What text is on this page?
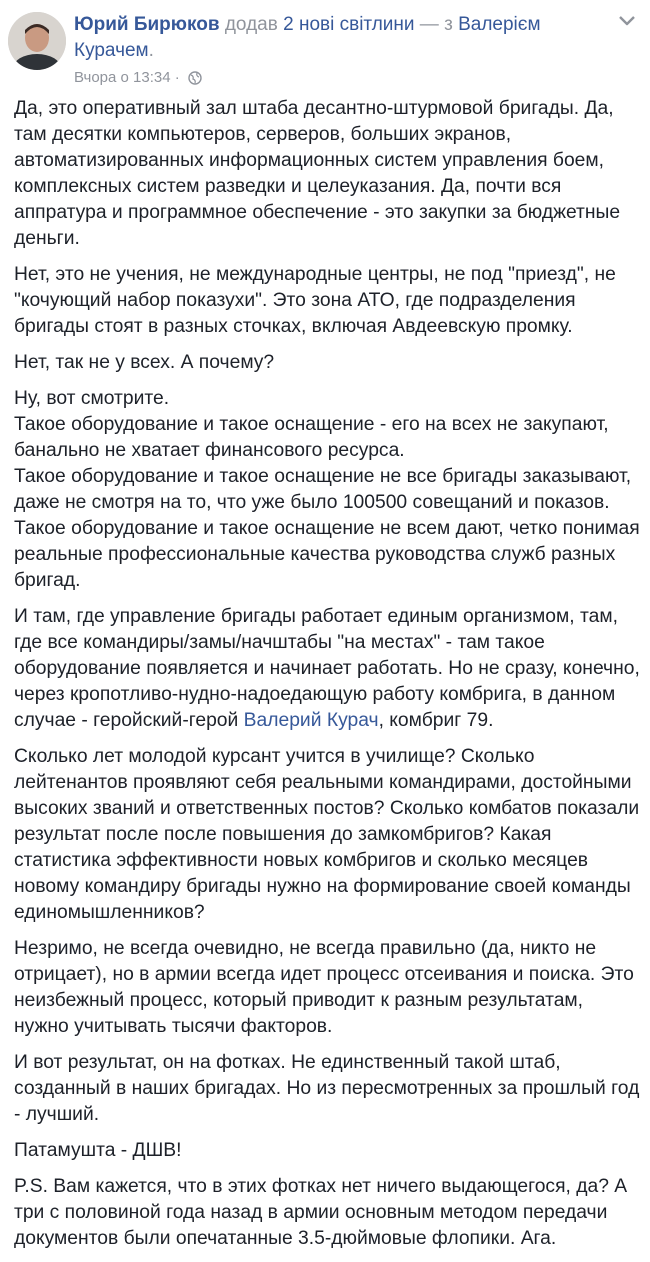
Юрий Бирюков додав 2 нові світлини — з Валерієм Курачем.
Вчора о 13:34 ·

Да, это оперативный зал штаба десантно-штурмовой бригады. Да, там десятки компьютеров, серверов, больших экранов, автоматизированных информационных систем управления боем, комплексных систем разведки и целеуказания. Да, почти вся аппратура и программное обеспечение - это закупки за бюджетные деньги.

Нет, это не учения, не международные центры, не под "приезд", не "кочующий набор показухи". Это зона АТО, где подразделения бригады стоят в разных сточках, включая Авдеевскую промку.

Нет, так не у всех. А почему?

Ну, вот смотрите.
Такое оборудование и такое оснащение - его на всех не закупают, банально не хватает финансового ресурса.
Такое оборудование и такое оснащение не все бригады заказывают, даже не смотря на то, что уже было 100500 совещаний и показов.
Такое оборудование и такое оснащение не всем дают, четко понимая реальные профессиональные качества руководства служб разных бригад.

И там, где управление бригады работает единым организмом, там, где все командиры/замы/начштабы "на местах" - там такое оборудование появляется и начинает работать. Но не сразу, конечно, через кропотливо-нудно-надоедающую работу комбрига, в данном случае - геройский-герой Валерий Курач, комбриг 79.

Сколько лет молодой курсант учится в училище? Сколько лейтенантов проявляют себя реальными командирами, достойными высоких званий и ответственных постов? Сколько комбатов показали результат после после повышения до замкомбригов? Какая статистика эффективности новых комбригов и сколько месяцев новому командиру бригады нужно на формирование своей команды единомышленников?

Незримо, не всегда очевидно, не всегда правильно (да, никто не отрицает), но в армии всегда идет процесс отсеивания и поиска. Это неизбежный процесс, который приводит к разным результатам, нужно учитывать тысячи факторов.

И вот результат, он на фотках. Не единственный такой штаб, созданный в наших бригадах. Но из пересмотренных за прошлый год - лучший.

Патамушта - ДШВ!

P.S. Вам кажется, что в этих фотках нет ничего выдающегося, да? А три с половиной года назад в армии основным методом передачи документов были опечатанные 3.5-дюймовые флопики. Ага.
